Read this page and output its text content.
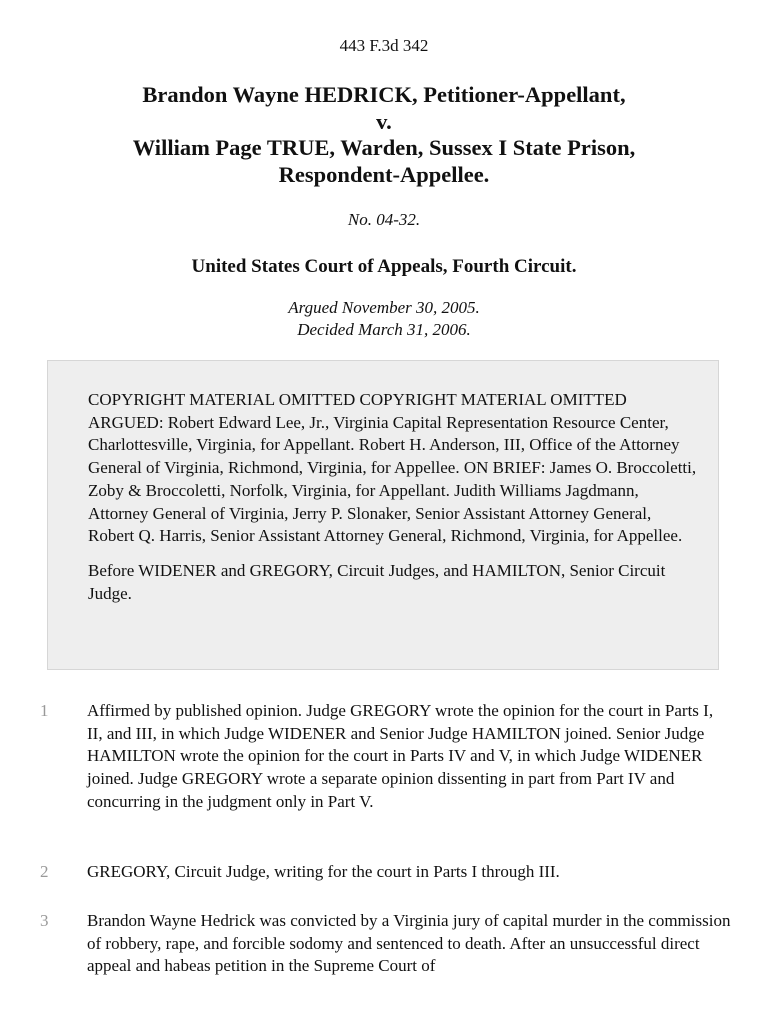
443 F.3d 342
Brandon Wayne HEDRICK, Petitioner-Appellant,
v.
William Page TRUE, Warden, Sussex I State Prison,
Respondent-Appellee.
No. 04-32.
United States Court of Appeals, Fourth Circuit.
Argued November 30, 2005.
Decided March 31, 2006.

COPYRIGHT MATERIAL OMITTED COPYRIGHT MATERIAL OMITTED ARGUED: Robert Edward Lee, Jr., Virginia Capital Representation Resource Center, Charlottesville, Virginia, for Appellant. Robert H. Anderson, III, Office of the Attorney General of Virginia, Richmond, Virginia, for Appellee. ON BRIEF: James O. Broccoletti, Zoby & Broccoletti, Norfolk, Virginia, for Appellant. Judith Williams Jagdmann, Attorney General of Virginia, Jerry P. Slonaker, Senior Assistant Attorney General, Robert Q. Harris, Senior Assistant Attorney General, Richmond, Virginia, for Appellee.

Before WIDENER and GREGORY, Circuit Judges, and HAMILTON, Senior Circuit Judge.

1	Affirmed by published opinion. Judge GREGORY wrote the opinion for the court in Parts I, II, and III, in which Judge WIDENER and Senior Judge HAMILTON joined. Senior Judge HAMILTON wrote the opinion for the court in Parts IV and V, in which Judge WIDENER joined. Judge GREGORY wrote a separate opinion dissenting in part from Part IV and concurring in the judgment only in Part V.
2	GREGORY, Circuit Judge, writing for the court in Parts I through III.
3	Brandon Wayne Hedrick was convicted by a Virginia jury of capital murder in the commission of robbery, rape, and forcible sodomy and sentenced to death. After an unsuccessful direct appeal and habeas petition in the Supreme Court of
